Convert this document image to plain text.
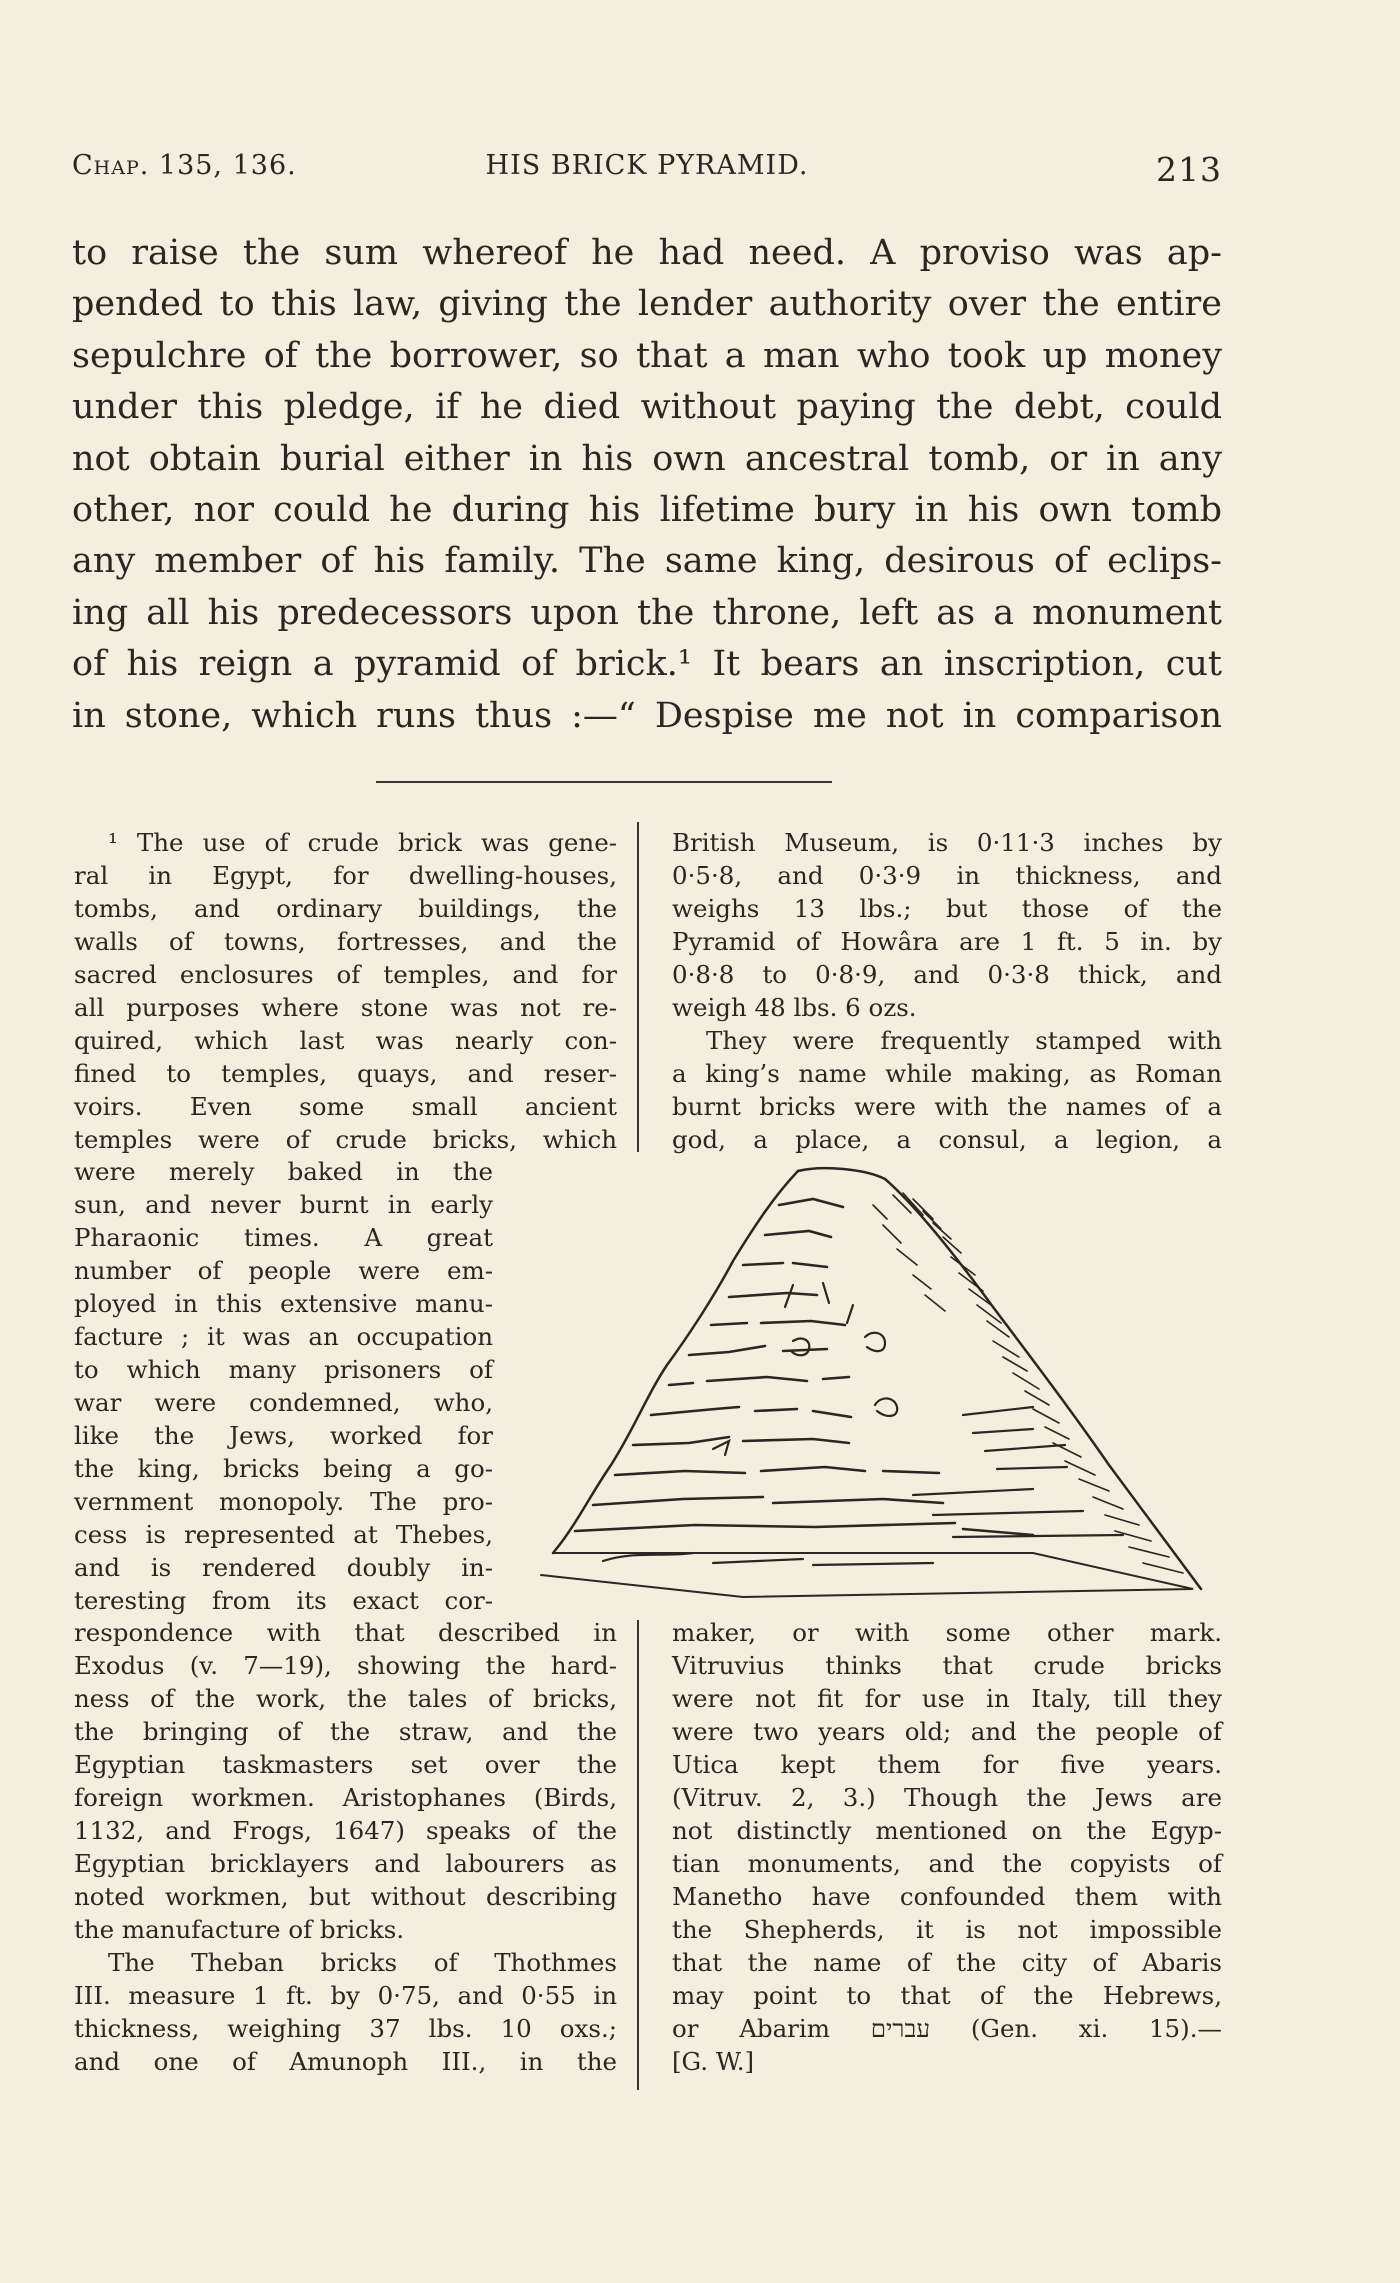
Chap. 135, 136.	HIS BRICK PYRAMID.	213
to raise the sum whereof he had need. A proviso was ap-
pended to this law, giving the lender authority over the entire
sepulchre of the borrower, so that a man who took up money
under this pledge, if he died without paying the debt, could
not obtain burial either in his own ancestral tomb, or in any
other, nor could he during his lifetime bury in his own tomb
any member of his family. The same king, desirous of eclips-
ing all his predecessors upon the throne, left as a monument
of his reign a pyramid of brick.¹ It bears an inscription, cut
in stone, which runs thus :—“ Despise me not in comparison
¹ The use of crude brick was gene-
ral in Egypt, for dwelling-houses,
tombs, and ordinary buildings, the
walls of towns, fortresses, and the
sacred enclosures of temples, and for
all purposes where stone was not re-
quired, which last was nearly con-
fined to temples, quays, and reser-
voirs. Even some small ancient
temples were of crude bricks, which
were merely baked in the
sun, and never burnt in early
Pharaonic times. A great
number of people were em-
ployed in this extensive manu-
facture ; it was an occupation
to which many prisoners of
war were condemned, who,
like the Jews, worked for
the king, bricks being a go-
vernment monopoly. The pro-
cess is represented at Thebes,
and is rendered doubly in-
teresting from its exact cor-
respondence with that described in
Exodus (v. 7—19), showing the hard-
ness of the work, the tales of bricks,
the bringing of the straw, and the
Egyptian taskmasters set over the
foreign workmen. Aristophanes (Birds,
1132, and Frogs, 1647) speaks of the
Egyptian bricklayers and labourers as
noted workmen, but without describing
the manufacture of bricks.
The Theban bricks of Thothmes
III. measure 1 ft. by 0·75, and 0·55 in
thickness, weighing 37 lbs. 10 oxs.;
and one of Amunoph III., in the
British Museum, is 0·11·3 inches by
0·5·8, and 0·3·9 in thickness, and
weighs 13 lbs.; but those of the
Pyramid of Howâra are 1 ft. 5 in. by
0·8·8 to 0·8·9, and 0·3·8 thick, and
weigh 48 lbs. 6 ozs.
They were frequently stamped with
a king’s name while making, as Roman
burnt bricks were with the names of a
god, a place, a consul, a legion, a
maker, or with some other mark.
Vitruvius thinks that crude bricks
were not fit for use in Italy, till they
were two years old; and the people of
Utica kept them for five years.
(Vitruv. 2, 3.) Though the Jews are
not distinctly mentioned on the Egyp-
tian monuments, and the copyists of
Manetho have confounded them with
the Shepherds, it is not impossible
that the name of the city of Abaris
may point to that of the Hebrews,
or Abarim עברים (Gen. xi. 15).—
[G. W.]
